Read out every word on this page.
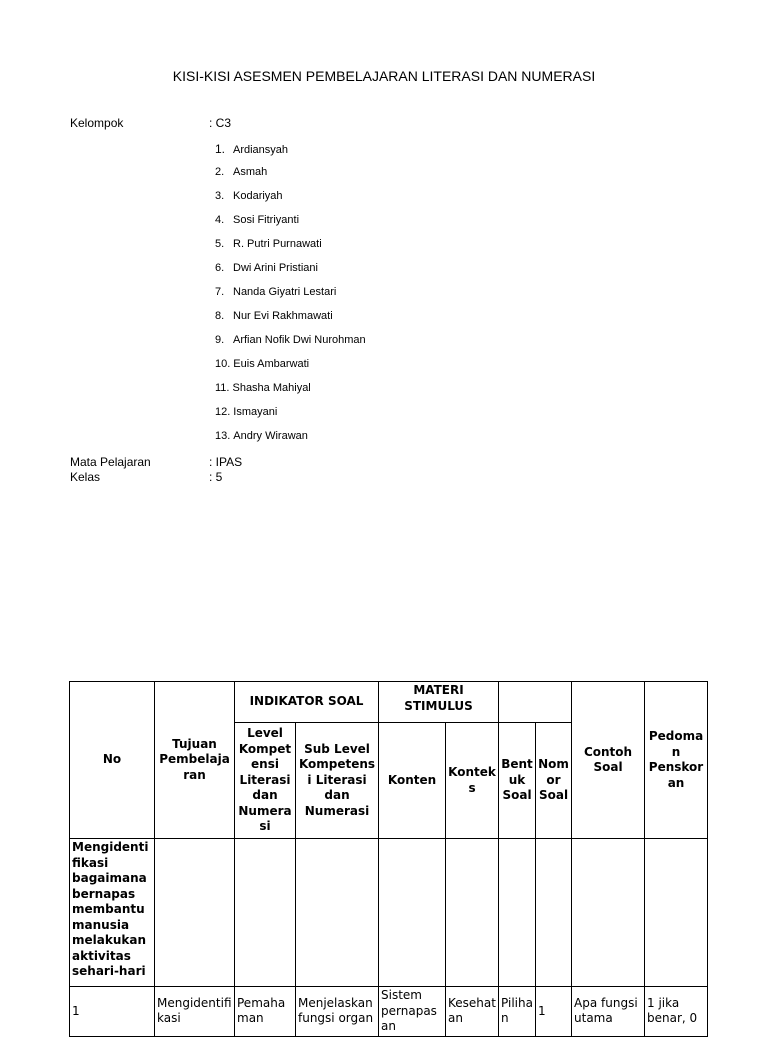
KISI-KISI ASESMEN PEMBELAJARAN LITERASI DAN NUMERASI
Kelompok	: C3
1. Ardiansyah
2. Asmah
3. Kodariyah
4. Sosi Fitriyanti
5. R. Putri Purnawati
6. Dwi Arini Pristiani
7. Nanda Giyatri Lestari
8. Nur Evi Rakhmawati
9. Arfian Nofik Dwi Nurohman
10. Euis Ambarwati
11. Shasha Mahiyal
12. Ismayani
13. Andry Wirawan
Mata Pelajaran	: IPAS
Kelas	: 5
No	Tujuan Pembelajaran	INDIKATOR SOAL		MATERI STIMULUS				Contoh Soal	Pedoman Penskoran
		Level Kompetensi Literasi dan Numerasi	Sub Level Kompetensi Literasi dan Numerasi	Konten	Konteks	Bentuk Soal	Nomor Soal		
Mengidentifikasi bagaimana bernapas membantu manusia melakukan aktivitas sehari-hari									
1	Mengidentifikasi	Pemahaman	Menjelaskan fungsi organ	Sistem pernapasan	Kesehatan	Pilihan	1	Apa fungsi utama	1 jika benar, 0
